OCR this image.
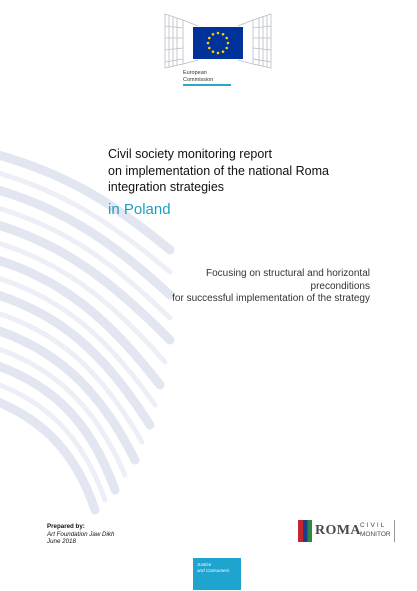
European
Commission
Civil society monitoring report
on implementation of the national Roma
integration strategies
in Poland
Focusing on structural and horizontal
preconditions
for successful implementation of the strategy
Prepared by:
Art Foundation Jaw Dikh
June 2018
ROMA CIVIL
MONITOR
Justice
and Consumers
